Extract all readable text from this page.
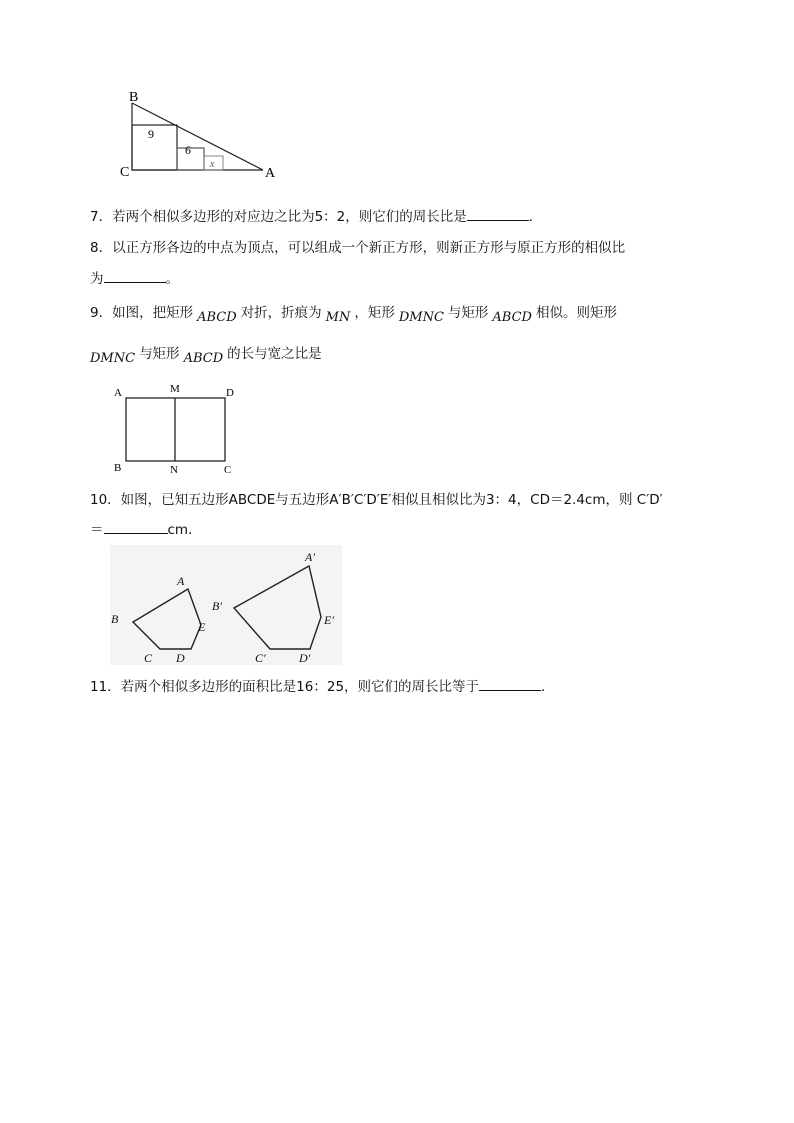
B
C	A
9
6
x
7．若两个相似多边形的对应边之比为5：2，则它们的周长比是	．
8．以正方形各边的中点为顶点，可以组成一个新正方形，则新正方形与原正方形的相似比
为	。
9．如图，把矩形 ABCD 对折，折痕为 MN ，矩形 DMNC 与矩形 ABCD 相似。则矩形
DMNC 与矩形 ABCD 的长与宽之比是
A	M	D
B	N	C
10．如图，已知五边形ABCDE与五边形A′B′C′D′E′相似且相似比为3：4，CD＝2.4cm，则 C′D′
＝	cm．
A
B
C D
E
A′
B′
C′	D′
E′
11．若两个相似多边形的面积比是16：25，则它们的周长比等于	．
